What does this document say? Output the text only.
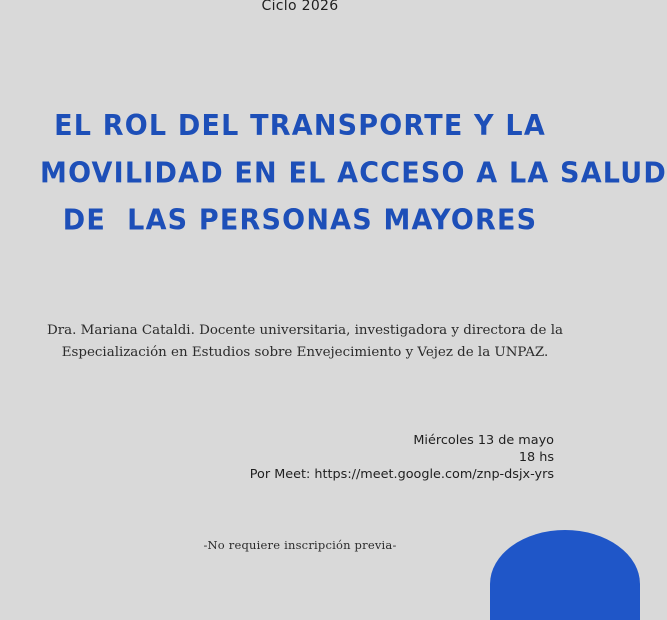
Ciclo 2026
EL ROL DEL TRANSPORTE Y LA
MOVILIDAD EN EL ACCESO A LA SALUD
DE  LAS PERSONAS MAYORES
Dra. Mariana Cataldi. Docente universitaria, investigadora y directora de la
Especialización en Estudios sobre Envejecimiento y Vejez de la UNPAZ.
Miércoles 13 de mayo
18 hs
Por Meet: https://meet.google.com/znp-dsjx-yrs
-No requiere inscripción previa-
